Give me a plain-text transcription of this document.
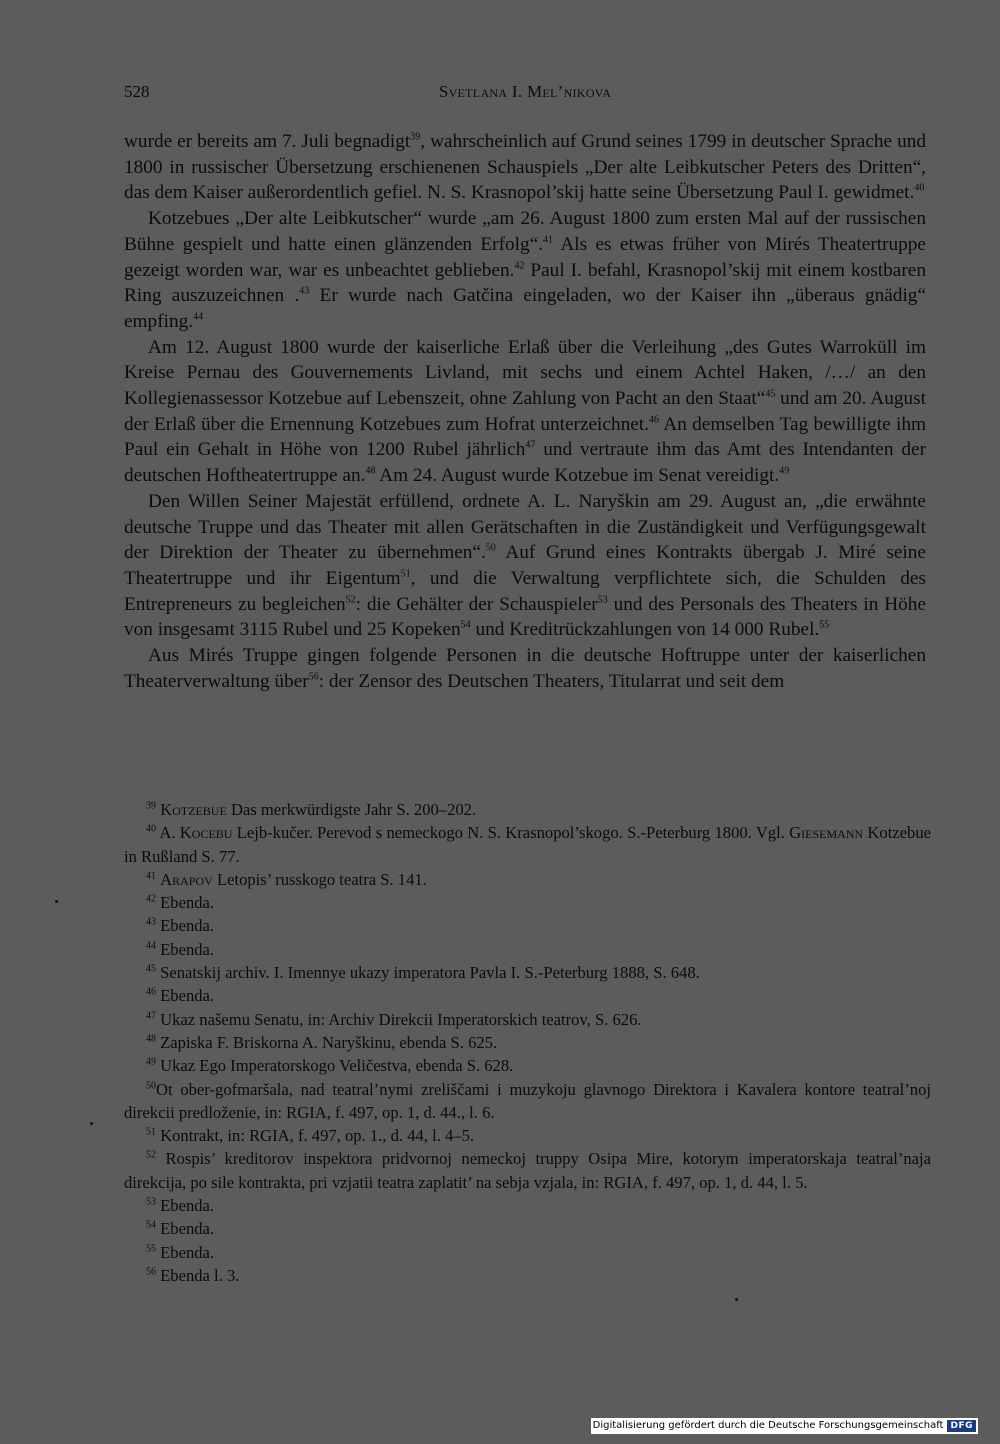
528	Svetlana I. Mel’nikova

wurde er bereits am 7. Juli begnadigt$^{39}$, wahrscheinlich auf Grund seines 1799 in deutscher Sprache und 1800 in russischer Übersetzung erschienenen Schauspiels „Der alte Leibkutscher Peters des Dritten“, das dem Kaiser außerordentlich gefiel. N. S. Krasnopol’skij hatte seine Übersetzung Paul I. gewidmet.$^{40}$

Kotzebues „Der alte Leibkutscher“ wurde „am 26. August 1800 zum ersten Mal auf der russischen Bühne gespielt und hatte einen glänzenden Erfolg“.$^{41}$ Als es etwas früher von Mirés Theatertruppe gezeigt worden war, war es unbeachtet geblieben.$^{42}$ Paul I. befahl, Krasnopol’skij mit einem kostbaren Ring auszuzeichnen .$^{43}$ Er wurde nach Gatčina eingeladen, wo der Kaiser ihn „überaus gnädig“ empfing.$^{44}$

Am 12. August 1800 wurde der kaiserliche Erlaß über die Verleihung „des Gutes Warroküll im Kreise Pernau des Gouvernements Livland, mit sechs und einem Achtel Haken, /…/ an den Kollegienassessor Kotzebue auf Lebenszeit, ohne Zahlung von Pacht an den Staat“$^{45}$ und am 20. August der Erlaß über die Ernennung Kotzebues zum Hofrat unterzeichnet.$^{46}$ An demselben Tag bewilligte ihm Paul ein Gehalt in Höhe von 1200 Rubel jährlich$^{47}$ und vertraute ihm das Amt des Intendanten der deutschen Hoftheatertruppe an.$^{48}$ Am 24. August wurde Kotzebue im Senat vereidigt.$^{49}$

Den Willen Seiner Majestät erfüllend, ordnete A. L. Naryškin am 29. August an, „die erwähnte deutsche Truppe und das Theater mit allen Gerätschaften in die Zuständigkeit und Verfügungsgewalt der Direktion der Theater zu übernehmen“.$^{50}$ Auf Grund eines Kontrakts übergab J. Miré seine Theatertruppe und ihr Eigentum$^{51}$, und die Verwaltung verpflichtete sich, die Schulden des Entrepreneurs zu begleichen$^{52}$: die Gehälter der Schauspieler$^{53}$ und des Personals des Theaters in Höhe von insgesamt 3115 Rubel und 25 Kopeken$^{54}$ und Kreditrückzahlungen von 14 000 Rubel.$^{55}$

Aus Mirés Truppe gingen folgende Personen in die deutsche Hoftruppe unter der kaiserlichen Theaterverwaltung über$^{56}$: der Zensor des Deutschen Theaters, Titularrat und seit dem

$^{39}$ Kotzebue Das merkwürdigste Jahr S. 200–202.

$^{40}$ A. Kocebu Lejb-kučer. Perevod s nemeckogo N. S. Krasnopol’skogo. S.-Peterburg 1800. Vgl. Giesemann Kotzebue in Rußland S. 77.

$^{41}$ Arapov Letopis’ russkogo teatra S. 141.

$^{42}$ Ebenda.

$^{43}$ Ebenda.

$^{44}$ Ebenda.

$^{45}$ Senatskij archiv. I. Imennye ukazy imperatora Pavla I. S.-Peterburg 1888, S. 648.

$^{46}$ Ebenda.

$^{47}$ Ukaz našemu Senatu, in: Archiv Direkcii Imperatorskich teatrov, S. 626.

$^{48}$ Zapiska F. Briskorna A. Naryškinu, ebenda S. 625.

$^{49}$ Ukaz Ego Imperatorskogo Veličestva, ebenda S. 628.

$^{50}$Ot ober-gofmaršala, nad teatral’nymi zreliščami i muzykoju glavnogo Direktora i Kavalera kontore teatral’noj direkcii predloženie, in: RGIA, f. 497, op. 1, d. 44., l. 6.

$^{51}$ Kontrakt, in: RGIA, f. 497, op. 1., d. 44, l. 4–5.

$^{52}$ Rospis’ kreditorov inspektora pridvornoj nemeckoj truppy Osipa Mire, kotorym imperatorskaja teatral’naja direkcija, po sile kontrakta, pri vzjatii teatra zaplatit’ na sebja vzjala, in: RGIA, f. 497, op. 1, d. 44, l. 5.

$^{53}$ Ebenda.

$^{54}$ Ebenda.

$^{55}$ Ebenda.

$^{56}$ Ebenda l. 3.

Digitalisierung gefördert durch die Deutsche Forschungsgemeinschaft DFG
